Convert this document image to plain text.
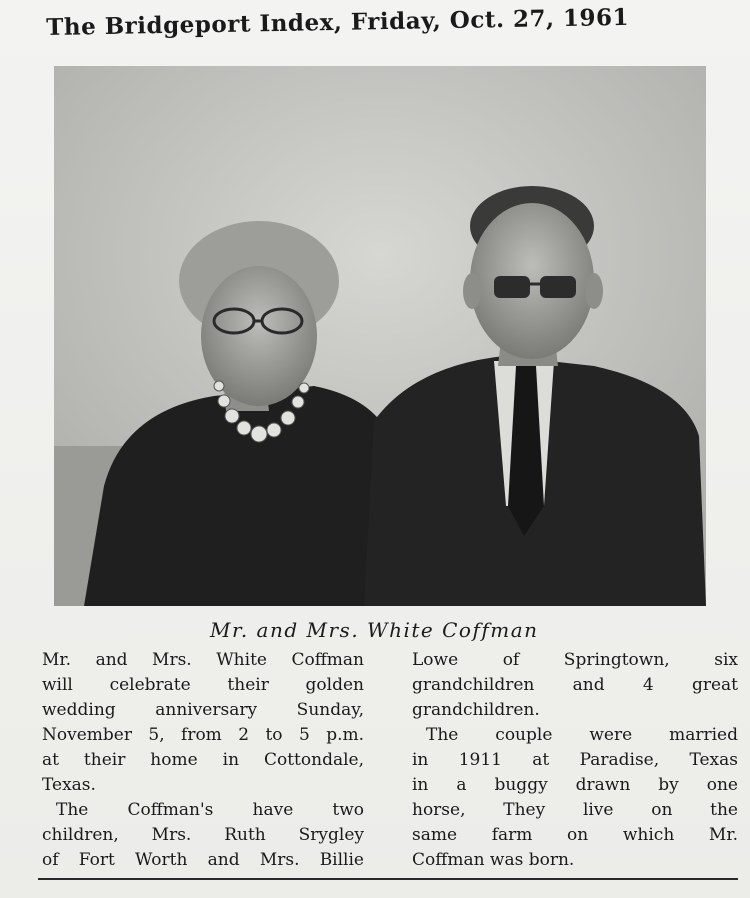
The Bridgeport Index, Friday, Oct. 27, 1961
Mr. and Mrs. White Coffman

Mr. and Mrs. White Coffman

will celebrate their golden

wedding anniversary Sunday,

November 5, from 2 to 5 p.m.

at their home in Cottondale,

Texas.

The Coffman's have two

children, Mrs. Ruth Srygley

of Fort Worth and Mrs. Billie

Lowe of Springtown, six

grandchildren and 4 great

grandchildren.

The couple were married

in 1911 at Paradise, Texas

in a buggy drawn by one

horse, They live on the

same farm on which Mr.

Coffman was born.
